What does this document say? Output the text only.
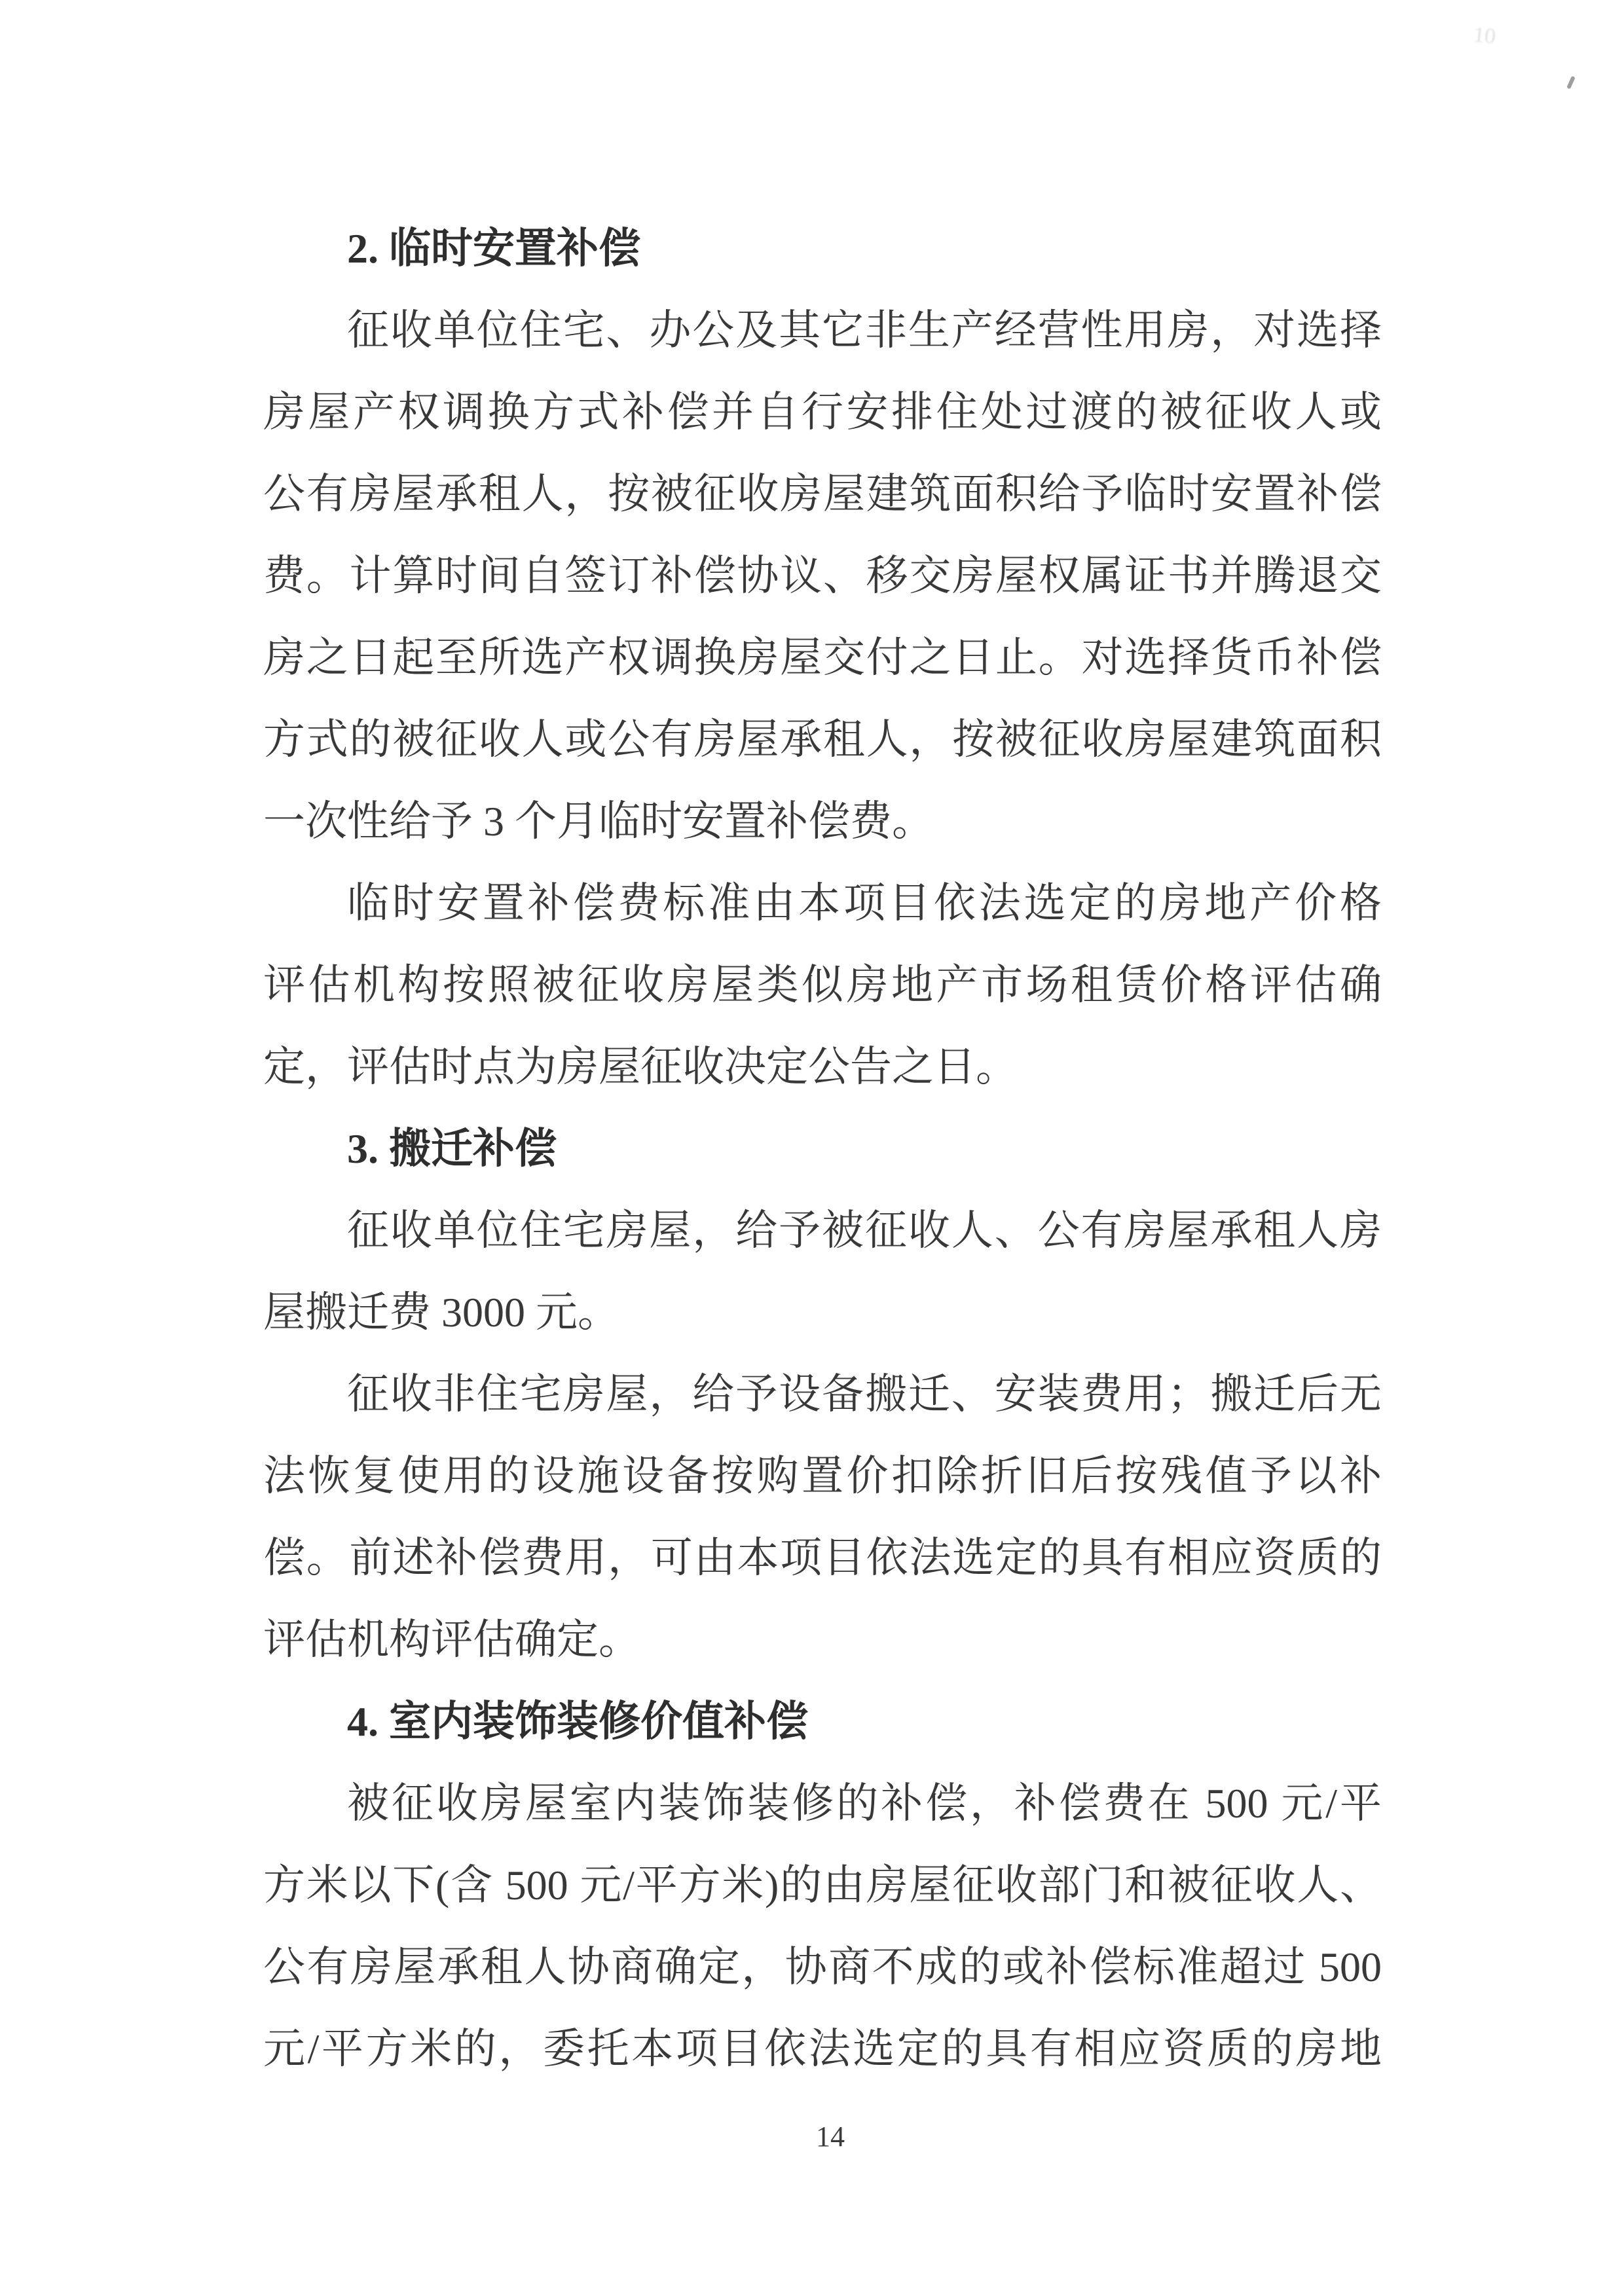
2. 临时安置补偿
征收单位住宅、办公及其它非生产经营性用房，对选择
房屋产权调换方式补偿并自行安排住处过渡的被征收人或
公有房屋承租人，按被征收房屋建筑面积给予临时安置补偿
费。计算时间自签订补偿协议、移交房屋权属证书并腾退交
房之日起至所选产权调换房屋交付之日止。对选择货币补偿
方式的被征收人或公有房屋承租人，按被征收房屋建筑面积
一次性给予 3 个月临时安置补偿费。
临时安置补偿费标准由本项目依法选定的房地产价格
评估机构按照被征收房屋类似房地产市场租赁价格评估确
定，评估时点为房屋征收决定公告之日。
3. 搬迁补偿
征收单位住宅房屋，给予被征收人、公有房屋承租人房
屋搬迁费 3000 元。
征收非住宅房屋，给予设备搬迁、安装费用；搬迁后无
法恢复使用的设施设备按购置价扣除折旧后按残值予以补
偿。前述补偿费用，可由本项目依法选定的具有相应资质的
评估机构评估确定。
4. 室内装饰装修价值补偿
被征收房屋室内装饰装修的补偿，补偿费在 500 元/平
方米以下(含 500 元/平方米)的由房屋征收部门和被征收人、
公有房屋承租人协商确定，协商不成的或补偿标准超过 500
元/平方米的，委托本项目依法选定的具有相应资质的房地
14
10
